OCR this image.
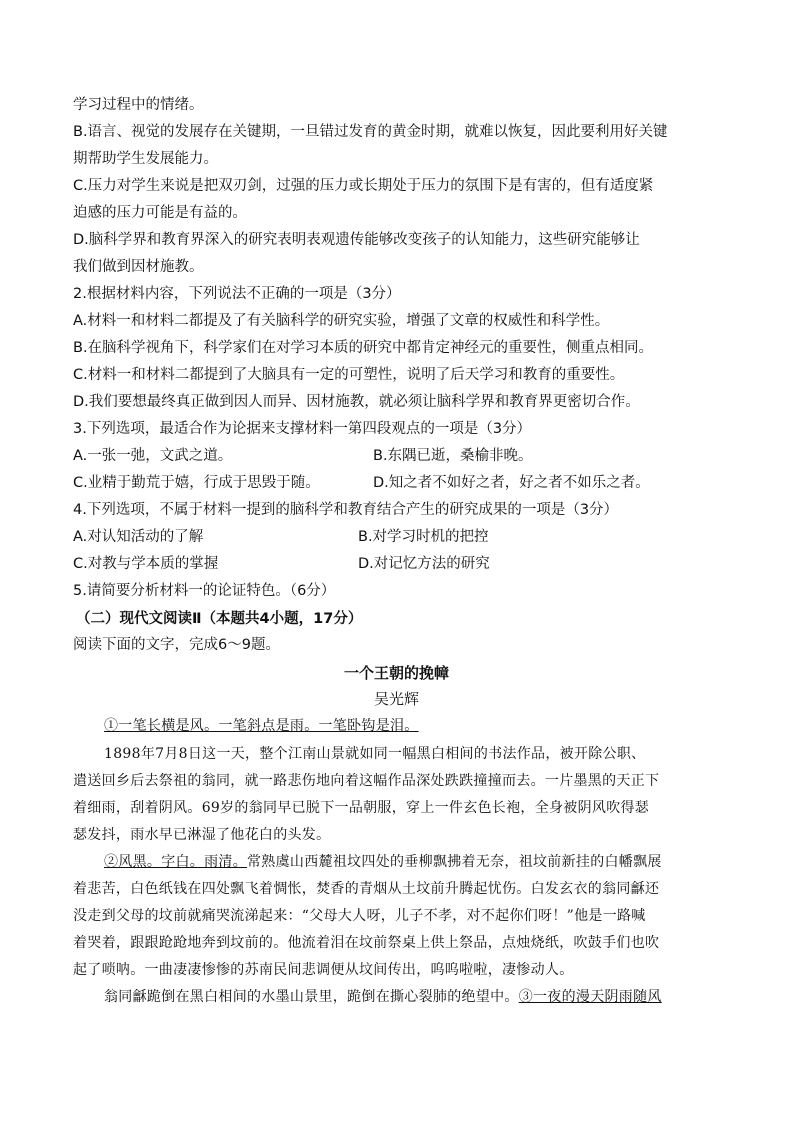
学习过程中的情绪。
B.语言、视觉的发展存在关键期，一旦错过发育的黄金时期，就难以恢复，因此要利用好关键
期帮助学生发展能力。
C.压力对学生来说是把双刃剑，过强的压力或长期处于压力的氛围下是有害的，但有适度紧
迫感的压力可能是有益的。
D.脑科学界和教育界深入的研究表明表观遗传能够改变孩子的认知能力，这些研究能够让
我们做到因材施教。
2.根据材料内容，下列说法不正确的一项是（3分）
A.材料一和材料二都提及了有关脑科学的研究实验，增强了文章的权威性和科学性。
B.在脑科学视角下，科学家们在对学习本质的研究中都肯定神经元的重要性，侧重点相同。
C.材料一和材料二都提到了大脑具有一定的可塑性，说明了后天学习和教育的重要性。
D.我们要想最终真正做到因人而异、因材施教，就必须让脑科学界和教育界更密切合作。
3.下列选项，最适合作为论据来支撑材料一第四段观点的一项是（3分）
A.一张一弛，文武之道。	B.东隅已逝，桑榆非晚。
C.业精于勤荒于嬉，行成于思毁于随。	D.知之者不如好之者，好之者不如乐之者。
4.下列选项，不属于材料一提到的脑科学和教育结合产生的研究成果的一项是（3分）
A.对认知活动的了解	B.对学习时机的把控
C.对教与学本质的掌握	D.对记忆方法的研究
5.请简要分析材料一的论证特色。（6分）
（二）现代文阅读Ⅱ（本题共4小题，17分）
阅读下面的文字，完成6～9题。
一个王朝的挽幛
吴光辉
①一笔长横是风。一笔斜点是雨。一笔卧钩是泪。
1898年7月8日这一天，整个江南山景就如同一幅黑白相间的书法作品，被开除公职、
遣送回乡后去祭祖的翁同，就一路悲伤地向着这幅作品深处跌跌撞撞而去。一片墨黑的天正下
着细雨，刮着阴风。69岁的翁同早已脱下一品朝服，穿上一件玄色长袍，全身被阴风吹得瑟
瑟发抖，雨水早已淋湿了他花白的头发。
②风黑。字白。雨清。常熟虞山西麓祖坟四处的垂柳飘拂着无奈，祖坟前新挂的白幡飘展
着悲苦，白色纸钱在四处飘飞着惆怅，焚香的青烟从土坟前升腾起忧伤。白发玄衣的翁同龢还
没走到父母的坟前就痛哭流涕起来：“父母大人呀，儿子不孝，对不起你们呀！”他是一路喊
着哭着，跟跟跄跄地奔到坟前的。他流着泪在坟前祭桌上供上祭品，点烛烧纸，吹鼓手们也吹
起了唢呐。一曲凄凄惨惨的苏南民间悲调便从坟间传出，呜呜啦啦，凄惨动人。
翁同龢跪倒在黑白相间的水墨山景里，跪倒在撕心裂肺的绝望中。③一夜的漫天阴雨随风
